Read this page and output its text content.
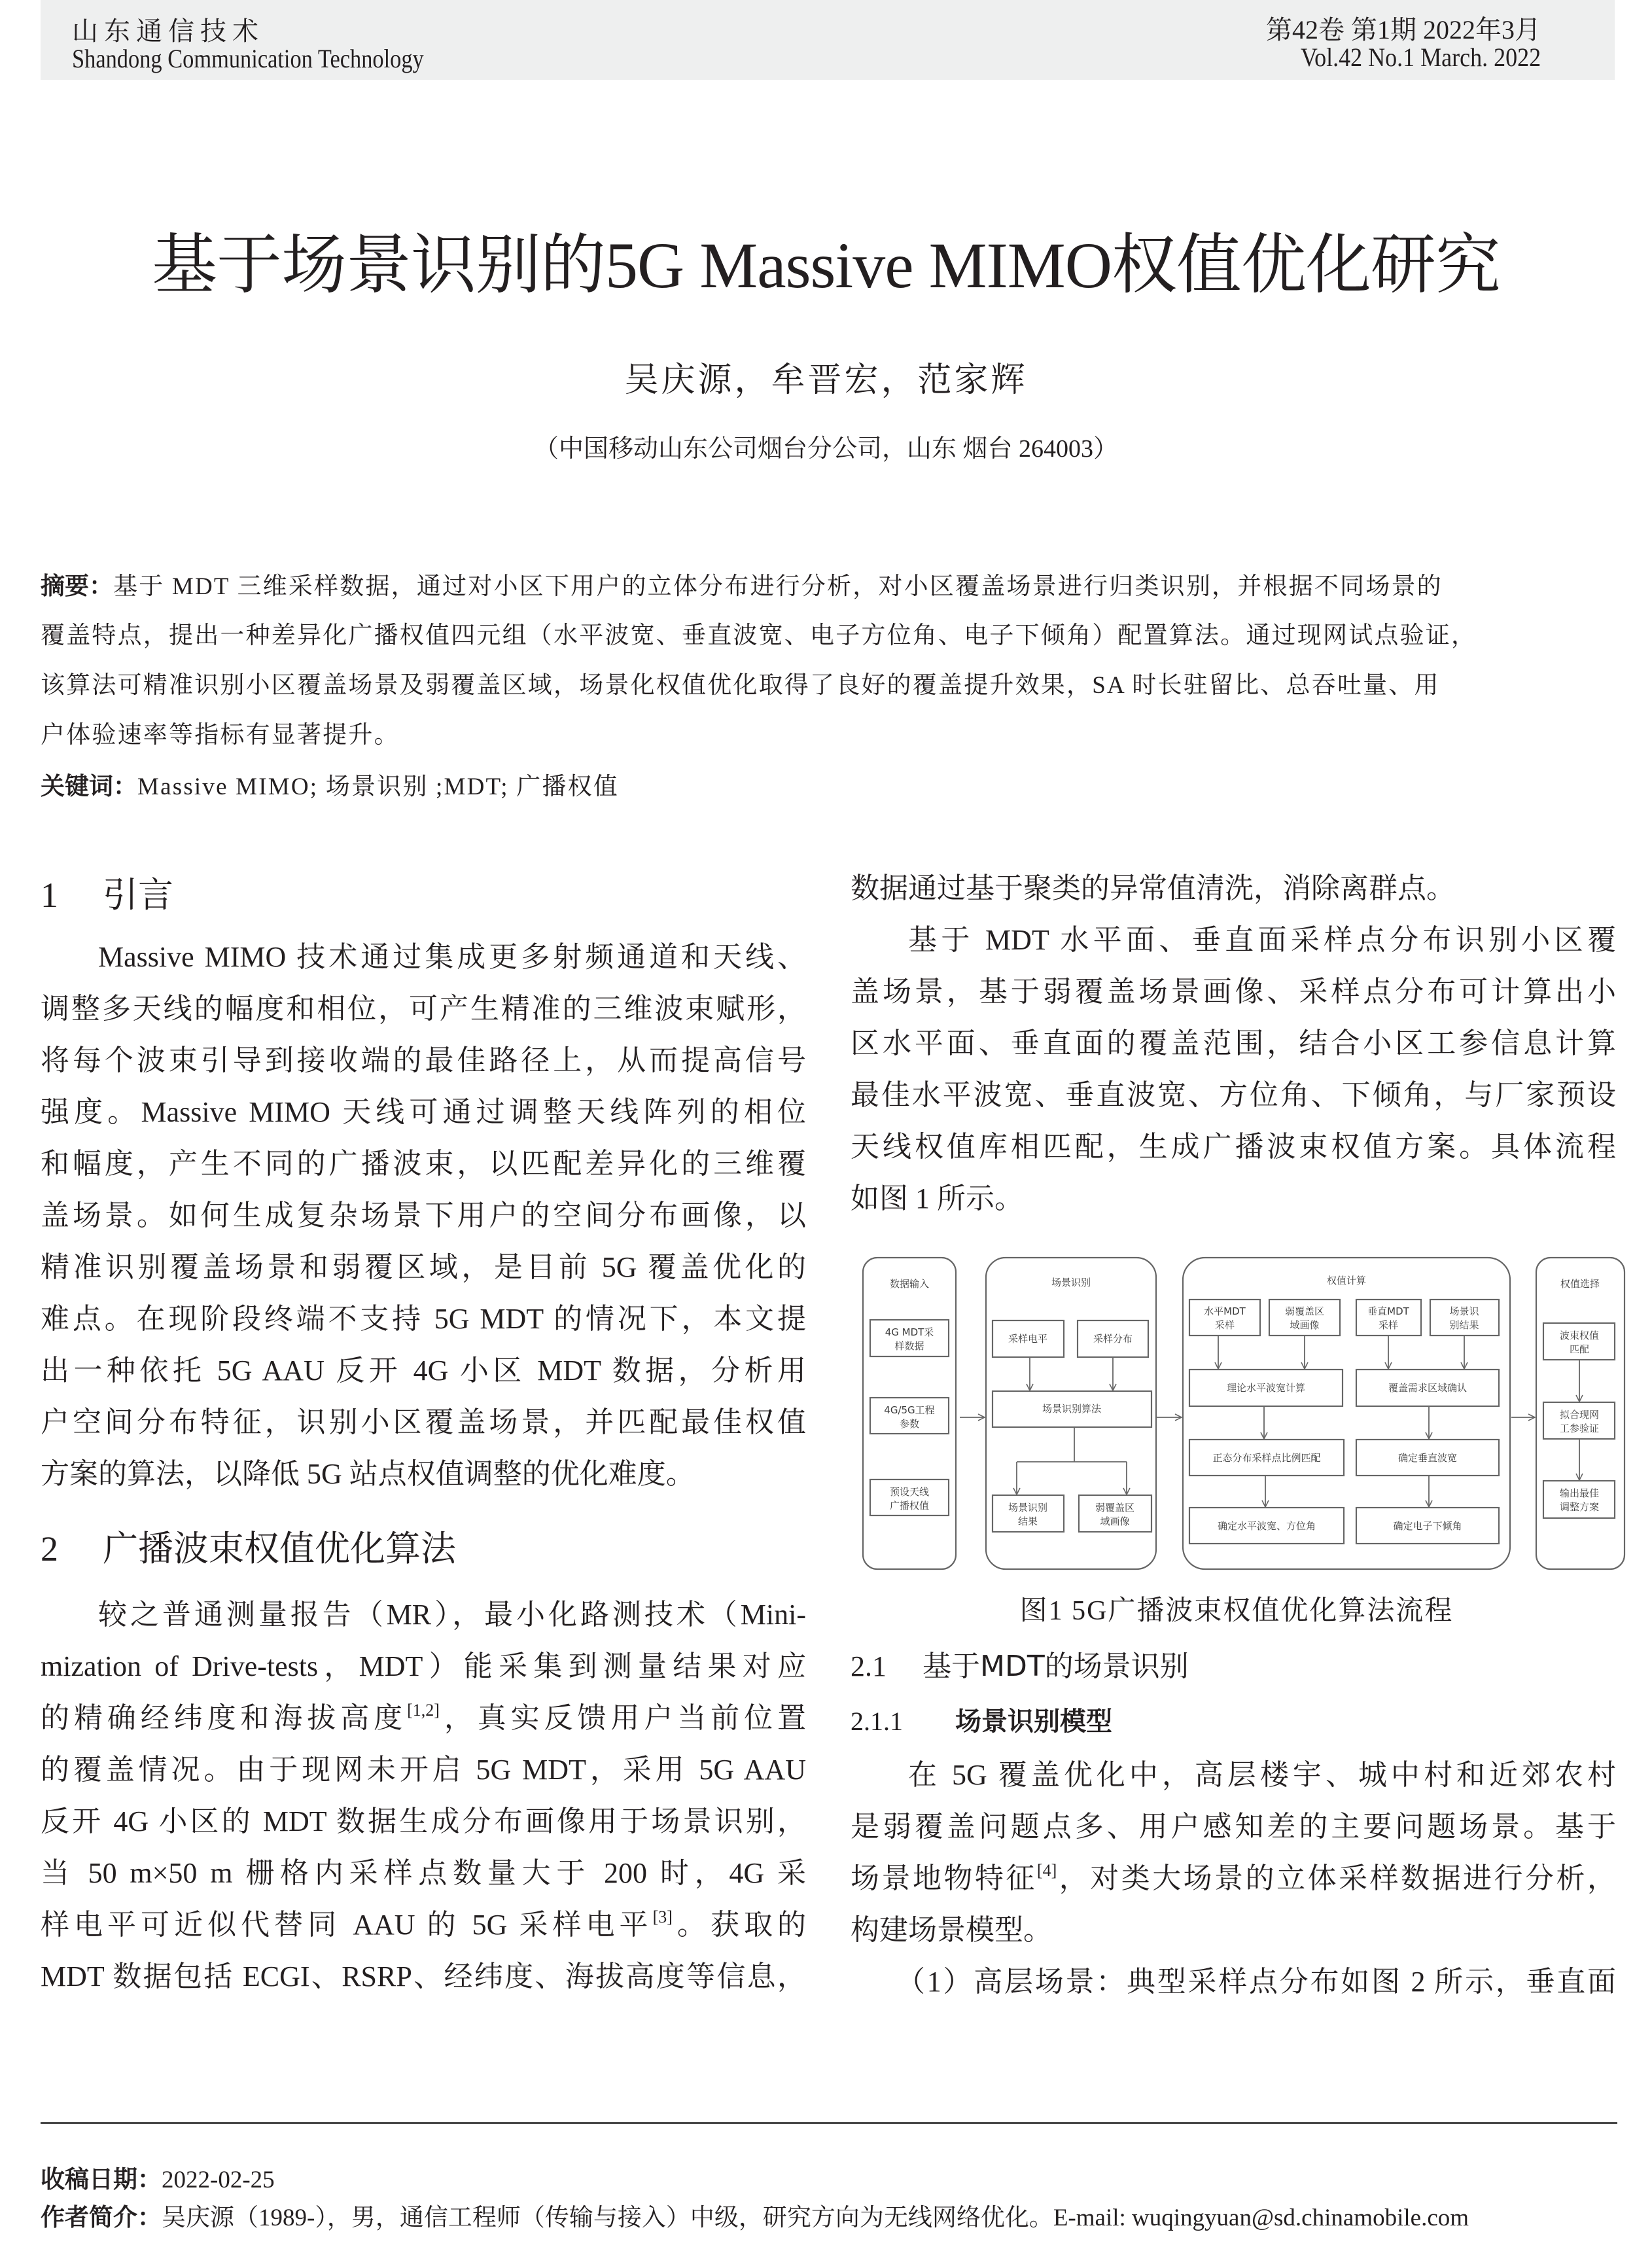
山东通信技术
Shandong Communication Technology
第42卷 第1期 2022年3月
Vol.42 No.1 March. 2022
基于场景识别的5G Massive MIMO权值优化研究
吴庆源，牟晋宏，范家辉
（中国移动山东公司烟台分公司，山东 烟台 264003）
摘要：基于 MDT 三维采样数据，通过对小区下用户的立体分布进行分析，对小区覆盖场景进行归类识别，并根据不同场景的
覆盖特点，提出一种差异化广播权值四元组（水平波宽、垂直波宽、电子方位角、电子下倾角）配置算法。通过现网试点验证，
该算法可精准识别小区覆盖场景及弱覆盖区域，场景化权值优化取得了良好的覆盖提升效果，SA 时长驻留比、总吞吐量、用
户体验速率等指标有显著提升。
关键词：Massive MIMO; 场景识别 ;MDT; 广播权值
1 引言

Massive MIMO 技术通过集成更多射频通道和天线、

调整多天线的幅度和相位，可产生精准的三维波束赋形，

将每个波束引导到接收端的最佳路径上，从而提高信号

强度。Massive MIMO 天线可通过调整天线阵列的相位

和幅度，产生不同的广播波束，以匹配差异化的三维覆

盖场景。如何生成复杂场景下用户的空间分布画像，以

精准识别覆盖场景和弱覆区域，是目前 5G 覆盖优化的

难点。在现阶段终端不支持 5G MDT 的情况下，本文提

出一种依托 5G AAU 反开 4G 小区 MDT 数据，分析用

户空间分布特征，识别小区覆盖场景，并匹配最佳权值

方案的算法，以降低 5G 站点权值调整的优化难度。

2 广播波束权值优化算法

较之普通测量报告（MR），最小化路测技术（Mini-

mization of Drive-tests，MDT）能采集到测量结果对应

的精确经纬度和海拔高度[1,2]，真实反馈用户当前位置

的覆盖情况。由于现网未开启 5G MDT，采用 5G AAU

反开 4G 小区的 MDT 数据生成分布画像用于场景识别，

当 50 m×50 m 栅格内采样点数量大于 200 时，4G 采

样电平可近似代替同 AAU 的 5G 采样电平[3]。获取的

MDT 数据包括 ECGI、RSRP、经纬度、海拔高度等信息，

数据通过基于聚类的异常值清洗，消除离群点。

基于 MDT 水平面、垂直面采样点分布识别小区覆

盖场景，基于弱覆盖场景画像、采样点分布可计算出小

区水平面、垂直面的覆盖范围，结合小区工参信息计算

最佳水平波宽、垂直波宽、方位角、下倾角，与厂家预设

天线权值库相匹配，生成广播波束权值方案。具体流程

如图 1 所示。

数据输入	场景识别	权值计算	权值选择
4G MDT采
样数据
4G/5G工程
参数
预设天线
广播权值
采样电平	采样分布
场景识别算法
场景识别
结果
弱覆盖区
域画像
水平MDT
采样
弱覆盖区
域画像
垂直MDT
采样
场景识
别结果
理论水平波宽计算	覆盖需求区域确认
正态分布采样点比例匹配	确定垂直波宽
确定水平波宽、方位角	确定电子下倾角
波束权值
匹配
拟合现网
工参验证
输出最佳
调整方案
图1 5G广播波束权值优化算法流程
2.1 基于MDT的场景识别
2.1.1 场景识别模型

在 5G 覆盖优化中，高层楼宇、城中村和近郊农村

是弱覆盖问题点多、用户感知差的主要问题场景。基于

场景地物特征[4]，对类大场景的立体采样数据进行分析，

构建场景模型。

（1）高层场景：典型采样点分布如图 2 所示，垂直面

收稿日期：2022-02-25
作者简介：吴庆源（1989-），男，通信工程师（传输与接入）中级，研究方向为无线网络优化。E-mail: wuqingyuan@sd.chinamobile.com
